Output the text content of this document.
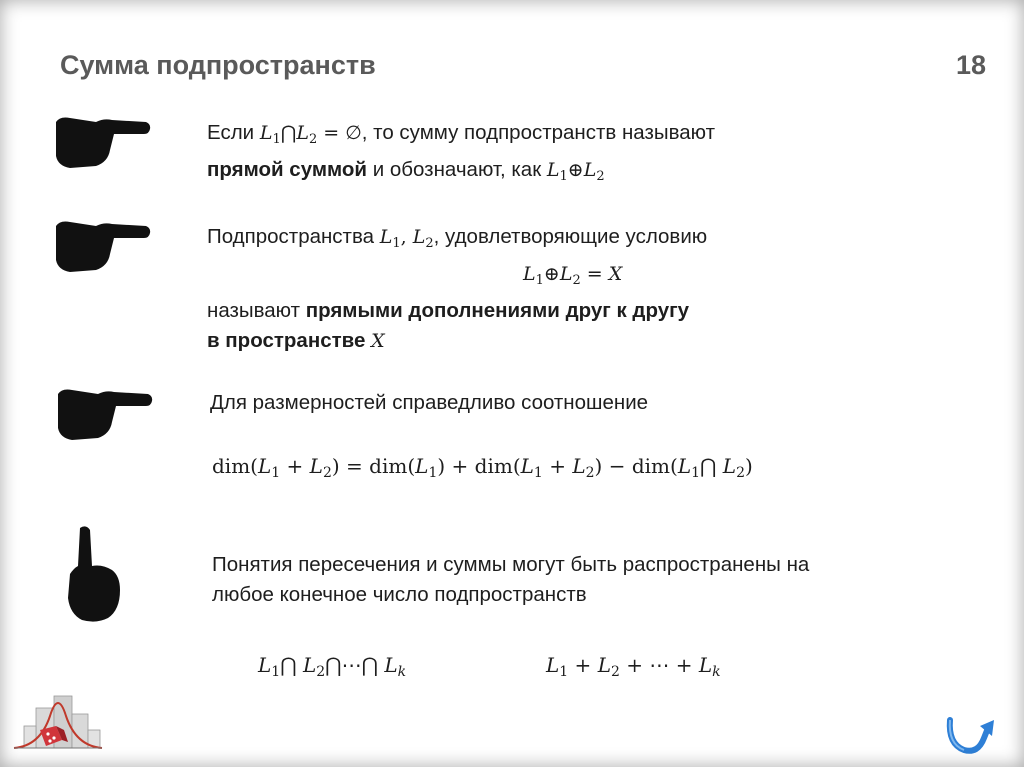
Сумма подпространств	18
Если $L_1⋂L_2$ = ∅, то сумму подпространств называют
прямой суммой и обозначают, как $L_1\oplus L_2$
Подпространства $L_1$, $L_2$, удовлетворяющие условию
$L_1\oplus L_2 = X$
называют прямыми дополнениями друг к другу
в пространстве X
Для размерностей справедливо соотношение
$dim(L_1 + L_2) = dim(L_1) + dim(L_1 + L_2)$ − $dim(L_1⋂$ $L_2$)
Понятия пересечения и суммы могут быть распространены на
любое конечное число подпространств
$L_1⋂$ $L_2⋂\cdots⋂$ $L_k$	$L_1 + L_2$ + ⋯ + $L_k$
